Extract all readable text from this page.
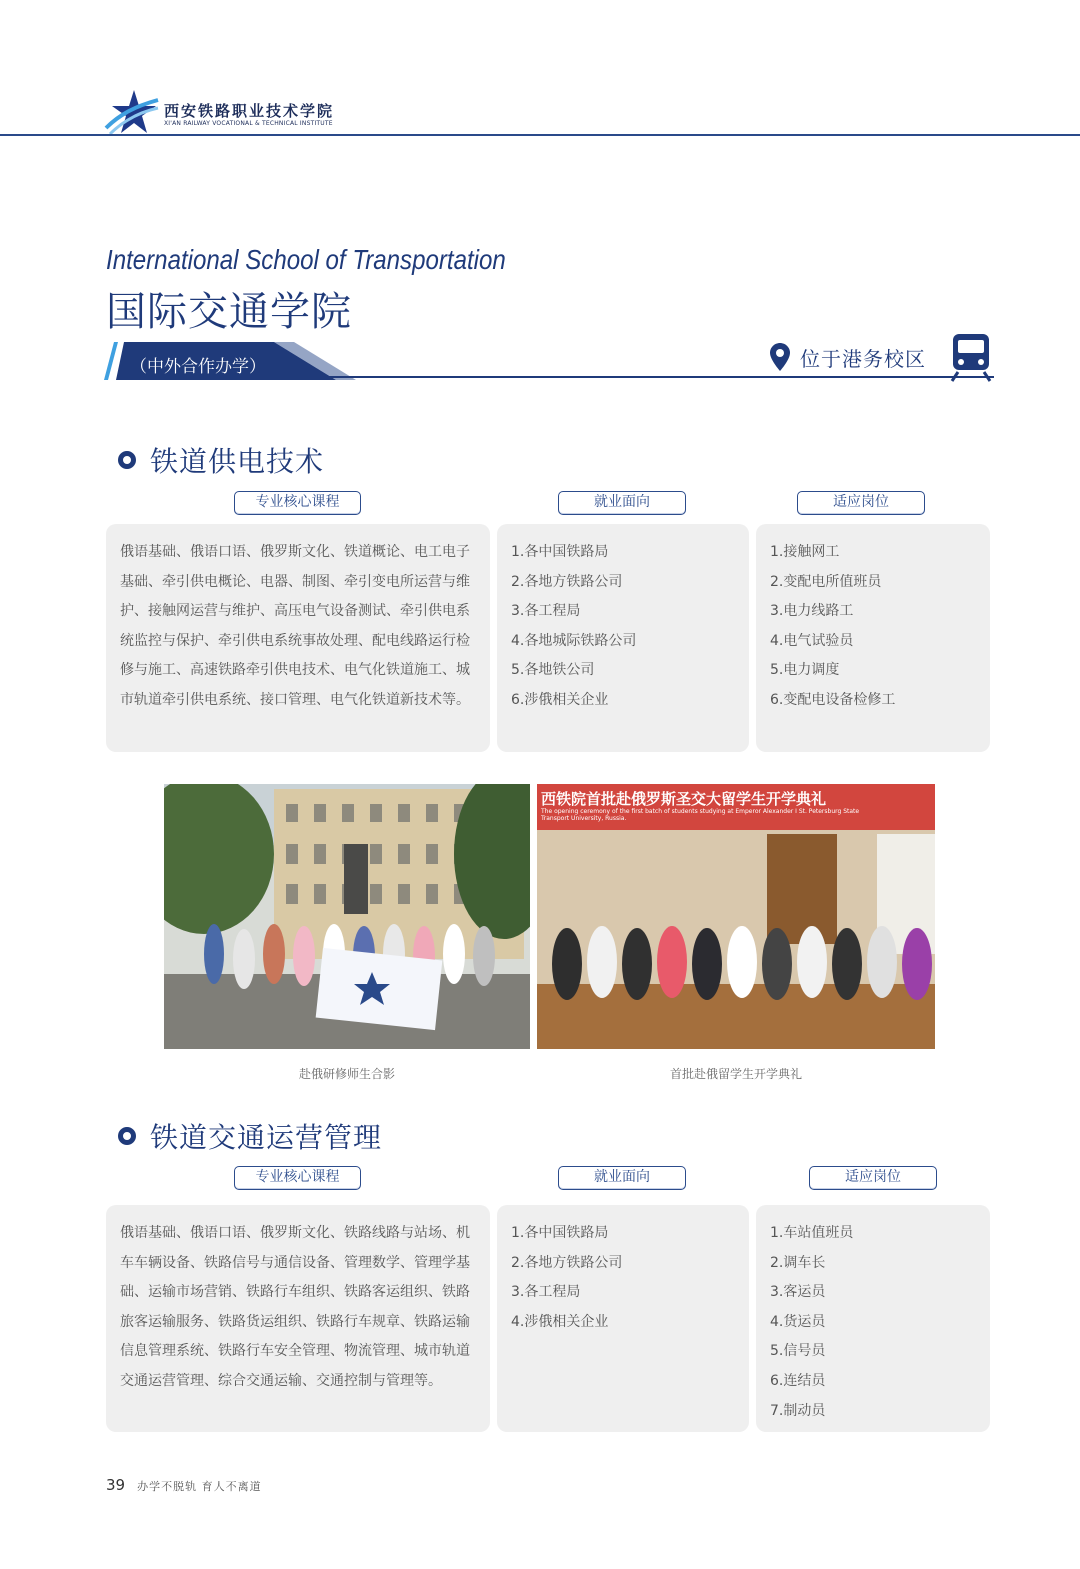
西安铁路职业技术学院
XI'AN RAILWAY VOCATIONAL & TECHNICAL INSTITUTE
International School of Transportation
国际交通学院
（中外合作办学）	位于港务校区
铁道供电技术
专业核心课程	就业面向	适应岗位

俄语基础、俄语口语、俄罗斯文化、铁道概论、电工电子基础、牵引供电概论、电器、制图、牵引变电所运营与维护、接触网运营与维护、高压电气设备测试、牵引供电系统监控与保护、牵引供电系统事故处理、配电线路运行检修与施工、高速铁路牵引供电技术、电气化铁道施工、城市轨道牵引供电系统、接口管理、电气化铁道新技术等。

1.各中国铁路局
2.各地方铁路公司
3.各工程局
4.各地城际铁路公司
5.各地铁公司
6.涉俄相关企业
1.接触网工
2.变配电所值班员
3.电力线路工
4.电气试验员
5.电力调度
6.变配电设备检修工
西铁院首批赴俄罗斯圣交大留学生开学典礼
The opening ceremony of the first batch of students studying at Emperor Alexander I St. Petersburg State Transport University, Russia.
赴俄研修师生合影	首批赴俄留学生开学典礼
铁道交通运营管理
专业核心课程	就业面向	适应岗位

俄语基础、俄语口语、俄罗斯文化、铁路线路与站场、机车车辆设备、铁路信号与通信设备、管理数学、管理学基础、运输市场营销、铁路行车组织、铁路客运组织、铁路旅客运输服务、铁路货运组织、铁路行车规章、铁路运输信息管理系统、铁路行车安全管理、物流管理、城市轨道交通运营管理、综合交通运输、交通控制与管理等。

1.各中国铁路局
2.各地方铁路公司
3.各工程局
4.涉俄相关企业
1.车站值班员
2.调车长
3.客运员
4.货运员
5.信号员
6.连结员
7.制动员
39 办学不脱轨 育人不离道
